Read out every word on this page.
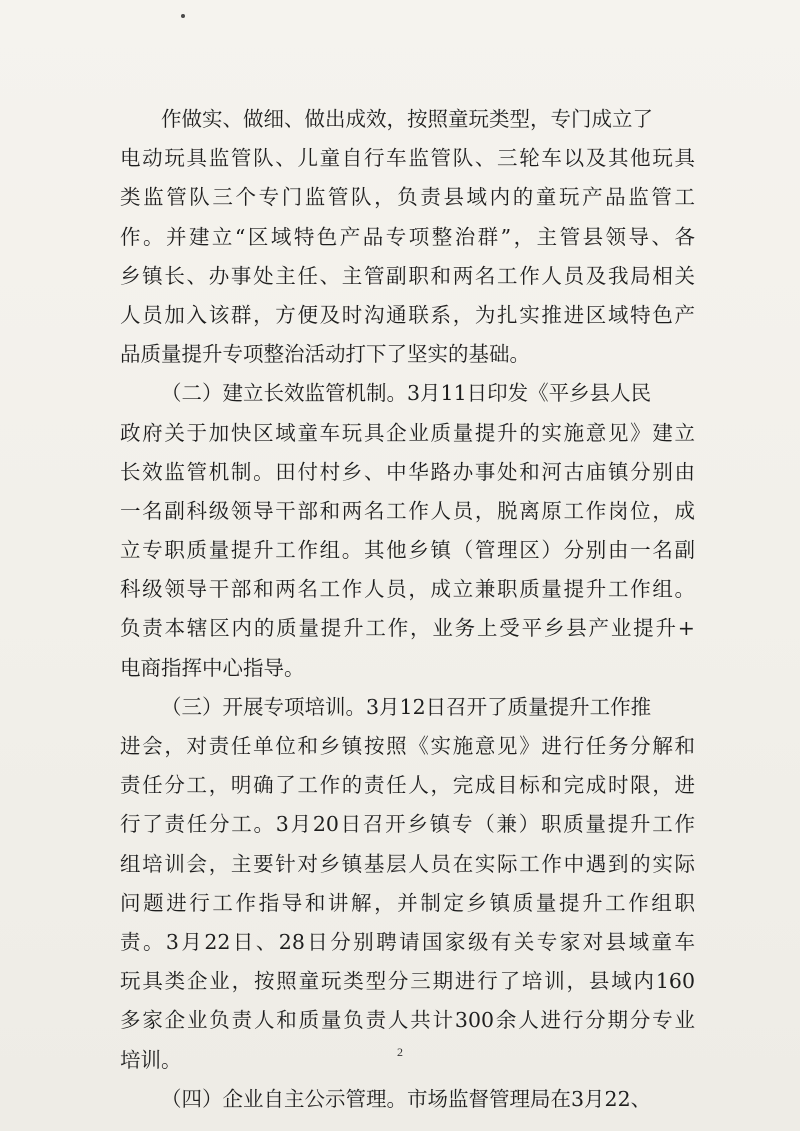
作做实、做细、做出成效，按照童玩类型，专门成立了
电动玩具监管队、儿童自行车监管队、三轮车以及其他玩具
类监管队三个专门监管队，负责县域内的童玩产品监管工
作。并建立“区域特色产品专项整治群”，主管县领导、各
乡镇长、办事处主任、主管副职和两名工作人员及我局相关
人员加入该群，方便及时沟通联系，为扎实推进区域特色产
品质量提升专项整治活动打下了坚实的基础。
（二）建立长效监管机制。3月11日印发《平乡县人民
政府关于加快区域童车玩具企业质量提升的实施意见》建立
长效监管机制。田付村乡、中华路办事处和河古庙镇分别由
一名副科级领导干部和两名工作人员，脱离原工作岗位，成
立专职质量提升工作组。其他乡镇（管理区）分别由一名副
科级领导干部和两名工作人员，成立兼职质量提升工作组。
负责本辖区内的质量提升工作，业务上受平乡县产业提升+
电商指挥中心指导。
（三）开展专项培训。3月12日召开了质量提升工作推
进会，对责任单位和乡镇按照《实施意见》进行任务分解和
责任分工，明确了工作的责任人，完成目标和完成时限，进
行了责任分工。3月20日召开乡镇专（兼）职质量提升工作
组培训会，主要针对乡镇基层人员在实际工作中遇到的实际
问题进行工作指导和讲解，并制定乡镇质量提升工作组职
责。3月22日、28日分别聘请国家级有关专家对县域童车
玩具类企业，按照童玩类型分三期进行了培训，县域内160
多家企业负责人和质量负责人共计300余人进行分期分专业
培训。
（四）企业自主公示管理。市场监督管理局在3月22、
2
